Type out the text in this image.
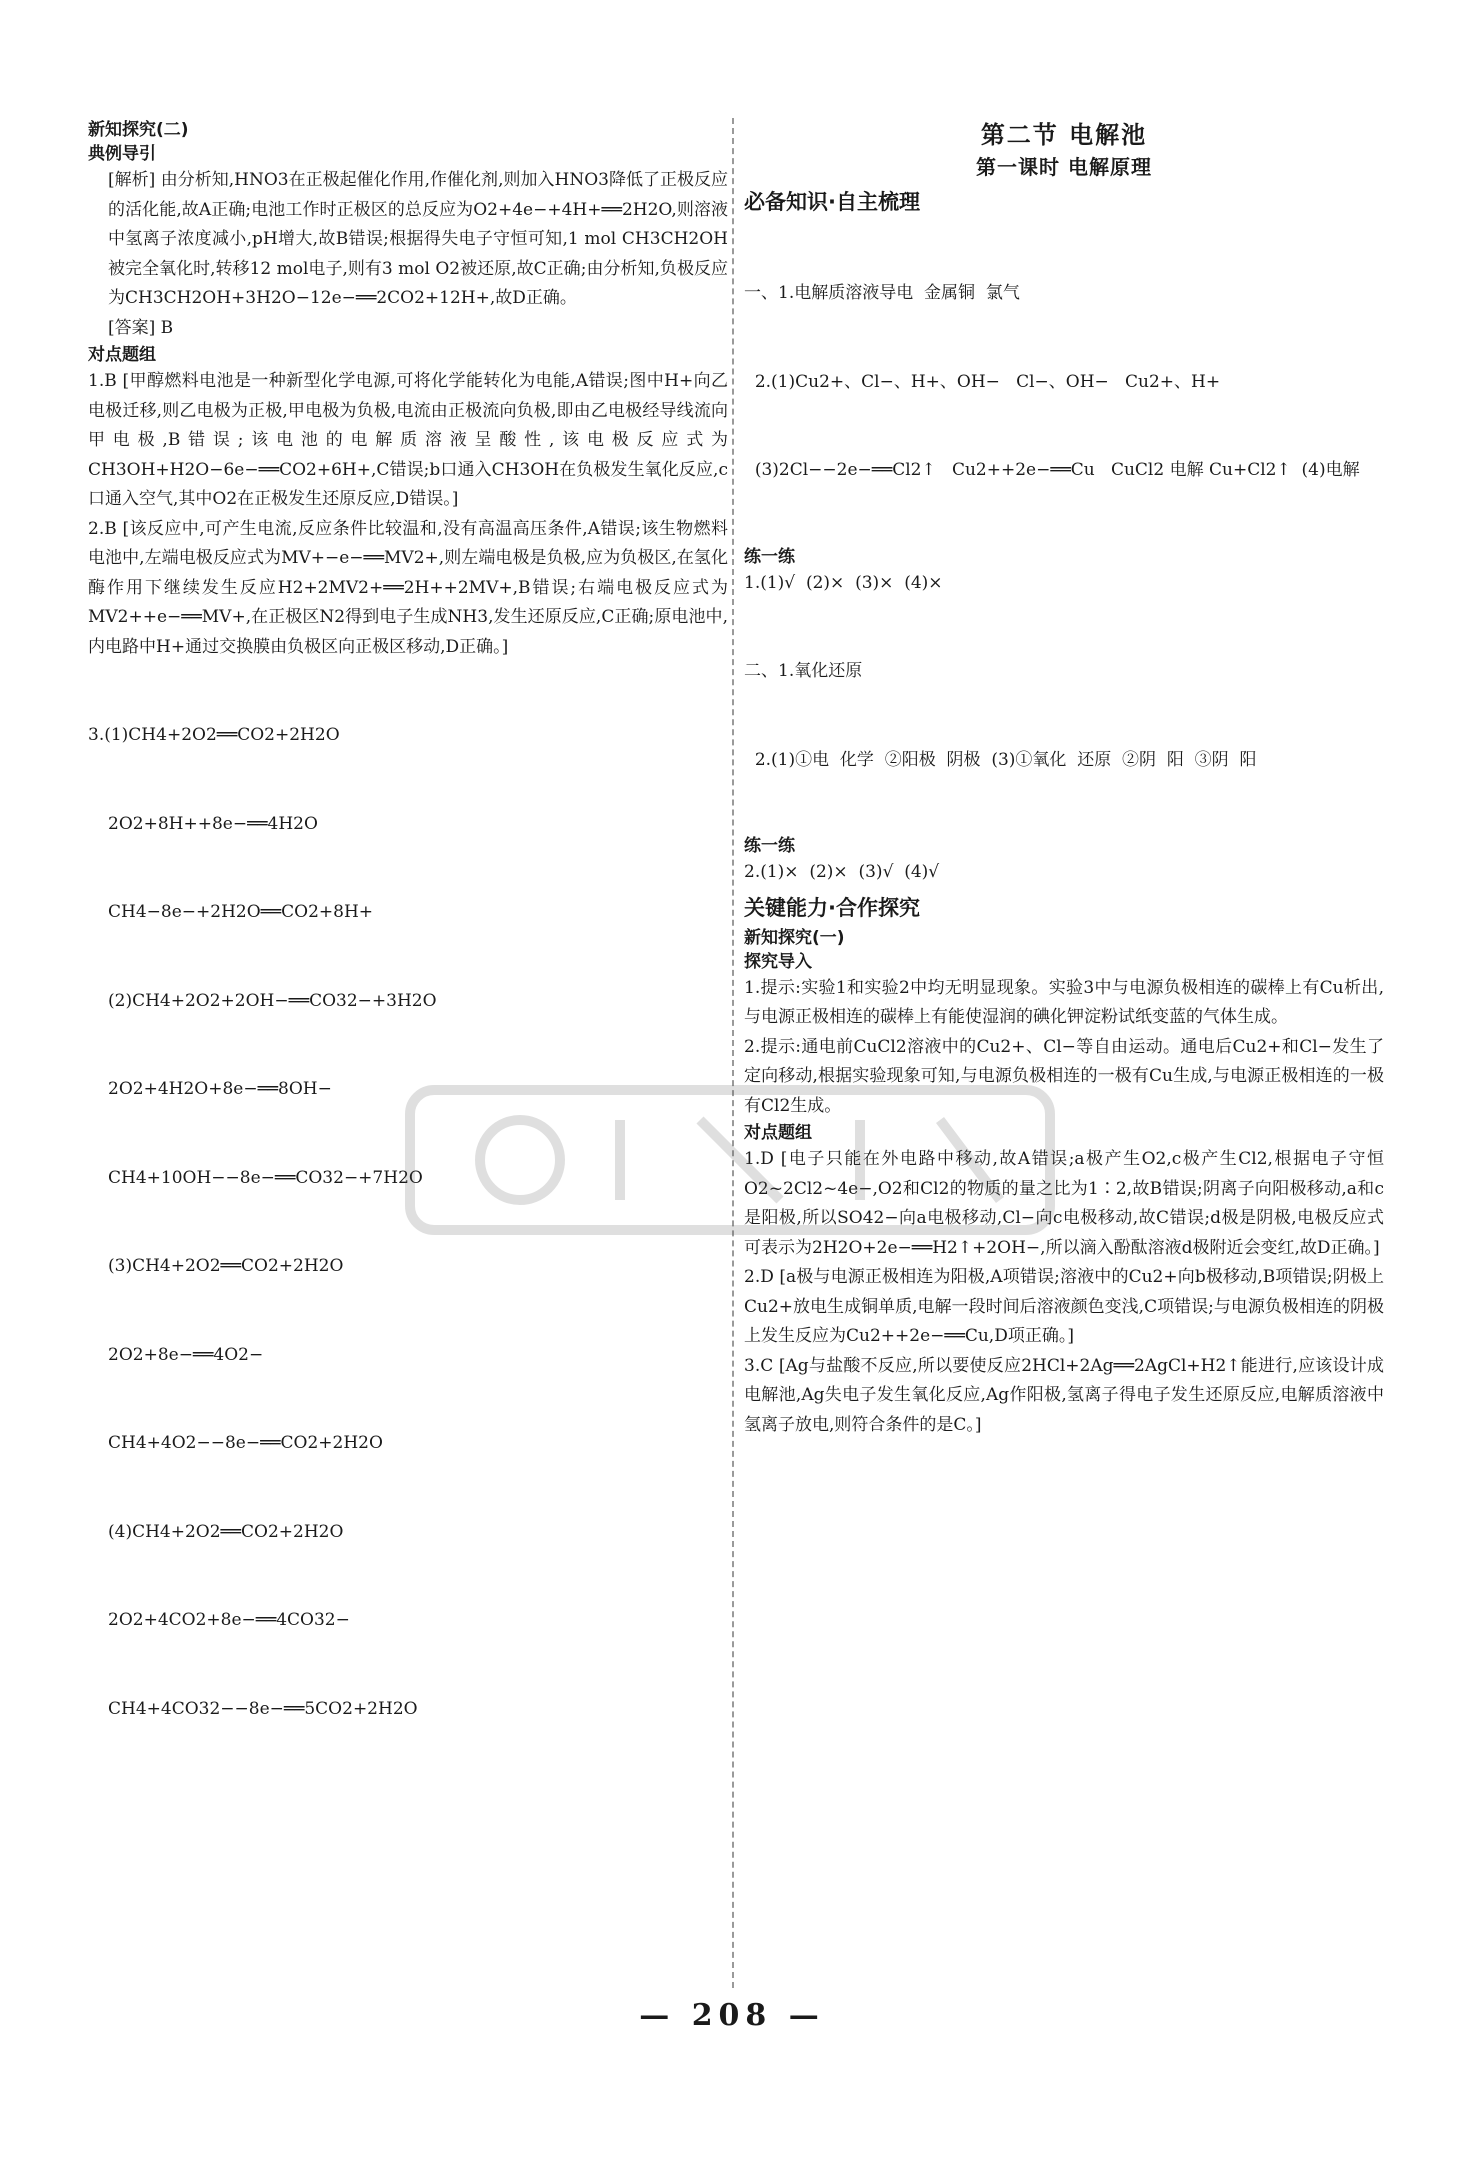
新知探究(二)

典例导引

[解析] 由分析知,HNO3在正极起催化作用,作催化剂,则加入HNO3降低了正极反应的活化能,故A正确;电池工作时正极区的总反应为O2+4e−+4H+══2H2O,则溶液中氢离子浓度减小,pH增大,故B错误;根据得失电子守恒可知,1 mol CH3CH2OH被完全氧化时,转移12 mol电子,则有3 mol O2被还原,故C正确;由分析知,负极反应为CH3CH2OH+3H2O−12e−══2CO2+12H+,故D正确。

[答案] B

对点题组

1.B [甲醇燃料电池是一种新型化学电源,可将化学能转化为电能,A错误;图中H+向乙电极迁移,则乙电极为正极,甲电极为负极,电流由正极流向负极,即由乙电极经导线流向甲电极,B错误;该电池的电解质溶液呈酸性,该电极反应式为CH3OH+H2O−6e−══CO2+6H+,C错误;b口通入CH3OH在负极发生氧化反应,c口通入空气,其中O2在正极发生还原反应,D错误。]

2.B [该反应中,可产生电流,反应条件比较温和,没有高温高压条件,A错误;该生物燃料电池中,左端电极反应式为MV+−e−══MV2+,则左端电极是负极,应为负极区,在氢化酶作用下继续发生反应H2+2MV2+══2H++2MV+,B错误;右端电极反应式为MV2++e−══MV+,在正极区N2得到电子生成NH3,发生还原反应,C正确;原电池中,内电路中H+通过交换膜由负极区向正极区移动,D正确。]

3.(1)CH4+2O2══CO2+2H2O

2O2+8H++8e−══4H2O

CH4−8e−+2H2O══CO2+8H+

(2)CH4+2O2+2OH−══CO32−+3H2O

2O2+4H2O+8e−══8OH−

CH4+10OH−−8e−══CO32−+7H2O

(3)CH4+2O2══CO2+2H2O

2O2+8e−══4O2−

CH4+4O2−−8e−══CO2+2H2O

(4)CH4+2O2══CO2+2H2O

2O2+4CO2+8e−══4CO32−

CH4+4CO32−−8e−══5CO2+2H2O

第二节 电解池

第一课时 电解原理

必备知识·自主梳理

一、1.电解质溶液导电  金属铜  氯气

2.(1)Cu2+、Cl−、H+、OH−   Cl−、OH−   Cu2+、H+

(3)2Cl−−2e−══Cl2↑   Cu2++2e−══Cu   CuCl2 电解 Cu+Cl2↑  (4)电解

练一练

1.(1)√  (2)×  (3)×  (4)×

二、1.氧化还原

2.(1)①电  化学  ②阳极  阴极  (3)①氧化  还原  ②阴  阳  ③阴  阳

练一练

2.(1)×  (2)×  (3)√  (4)√

关键能力·合作探究

新知探究(一)

探究导入

1.提示:实验1和实验2中均无明显现象。实验3中与电源负极相连的碳棒上有Cu析出,与电源正极相连的碳棒上有能使湿润的碘化钾淀粉试纸变蓝的气体生成。

2.提示:通电前CuCl2溶液中的Cu2+、Cl−等自由运动。通电后Cu2+和Cl−发生了定向移动,根据实验现象可知,与电源负极相连的一极有Cu生成,与电源正极相连的一极有Cl2生成。

对点题组

1.D [电子只能在外电路中移动,故A错误;a极产生O2,c极产生Cl2,根据电子守恒O2~2Cl2~4e−,O2和Cl2的物质的量之比为1∶2,故B错误;阴离子向阳极移动,a和c是阳极,所以SO42−向a电极移动,Cl−向c电极移动,故C错误;d极是阴极,电极反应式可表示为2H2O+2e−══H2↑+2OH−,所以滴入酚酞溶液d极附近会变红,故D正确。]

2.D [a极与电源正极相连为阳极,A项错误;溶液中的Cu2+向b极移动,B项错误;阴极上Cu2+放电生成铜单质,电解一段时间后溶液颜色变浅,C项错误;与电源负极相连的阴极上发生反应为Cu2++2e−══Cu,D项正确。]

3.C [Ag与盐酸不反应,所以要使反应2HCl+2Ag══2AgCl+H2↑能进行,应该设计成电解池,Ag失电子发生氧化反应,Ag作阳极,氢离子得电子发生还原反应,电解质溶液中氢离子放电,则符合条件的是C。]

— 208 —
